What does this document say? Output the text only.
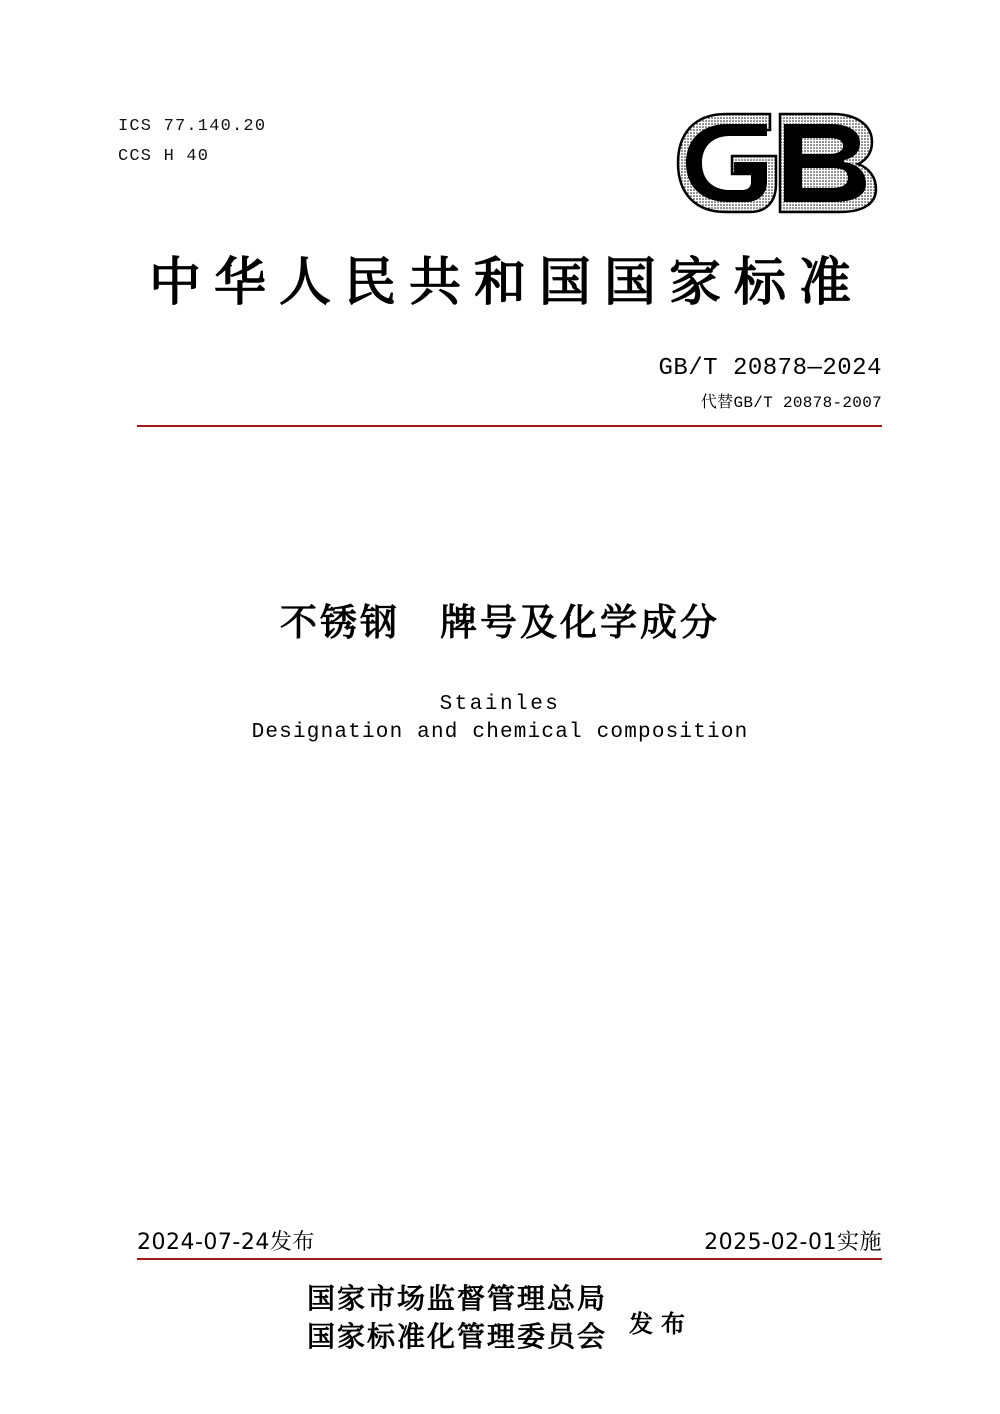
ICS 77.140.20
CCS H 40
中华人民共和国国家标准
GB/T 20878—2024
代替GB/T 20878-2007
不锈钢　牌号及化学成分
Stainles
Designation and chemical composition
2024-07-24发布	2025-02-01实施
国家市场监督管理总局
国家标准化管理委员会 发布
